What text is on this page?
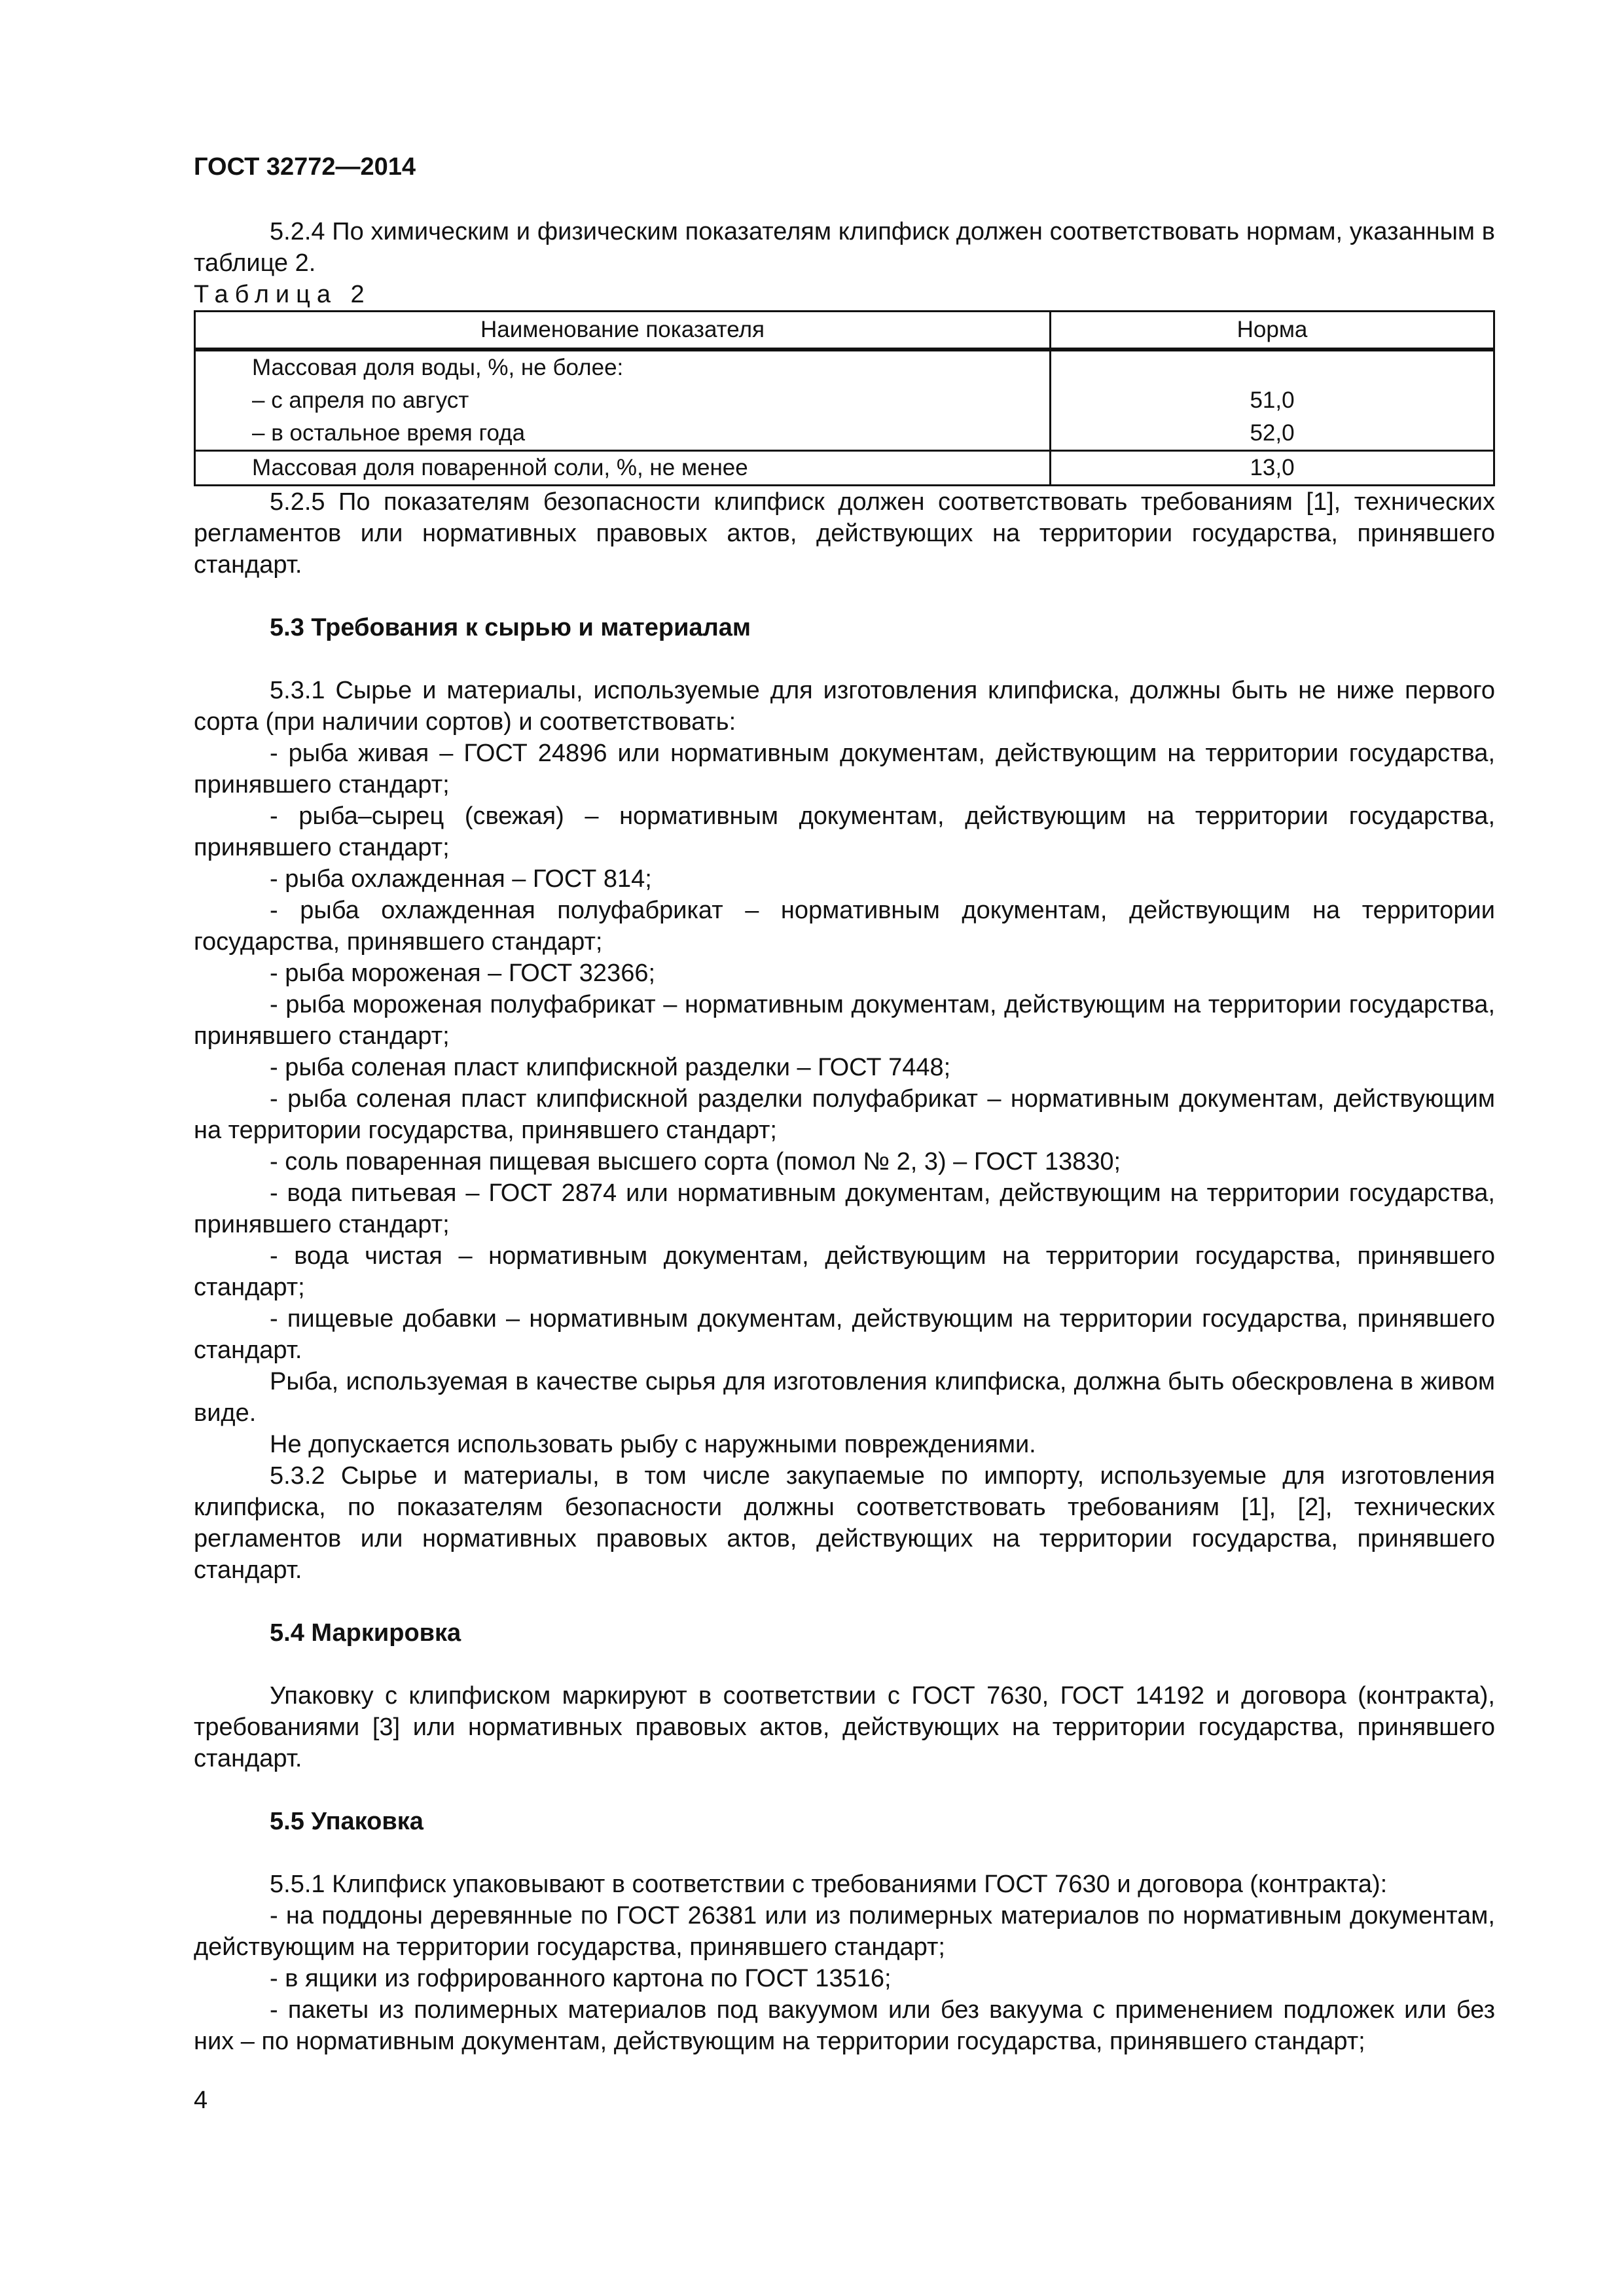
ГОСТ 32772—2014

5.2.4 По химическим и физическим показателям клипфиск должен соответствовать нормам, указанным в таблице 2.

Таблица 2
Наименование показателя	Норма

Массовая доля воды, %, не более:
– с апреля по август	51,0

– в остальное время года	52,0

Массовая доля поваренной соли, %, не менее	13,0

5.2.5 По показателям безопасности клипфиск должен соответствовать требованиям [1], технических регламентов или нормативных правовых актов, действующих на территории государства, принявшего стандарт.

5.3 Требования к сырью и материалам

5.3.1 Сырье и материалы, используемые для изготовления клипфиска, должны быть не ниже первого сорта (при наличии сортов) и соответствовать:

- рыба живая – ГОСТ 24896 или нормативным документам, действующим на территории государства, принявшего стандарт;

- рыба–сырец (свежая) – нормативным документам, действующим на территории государства, принявшего стандарт;

- рыба охлажденная – ГОСТ 814;

- рыба охлажденная полуфабрикат – нормативным документам, действующим на территории государства, принявшего стандарт;

- рыба мороженая – ГОСТ 32366;

- рыба мороженая полуфабрикат – нормативным документам, действующим на территории государства, принявшего стандарт;

- рыба соленая пласт клипфискной разделки – ГОСТ 7448;

- рыба соленая пласт клипфискной разделки полуфабрикат – нормативным документам, действующим на территории государства, принявшего стандарт;

- соль поваренная пищевая высшего сорта (помол № 2, 3) – ГОСТ 13830;

- вода питьевая – ГОСТ 2874 или нормативным документам, действующим на территории государства, принявшего стандарт;

- вода чистая – нормативным документам, действующим на территории государства, принявшего стандарт;

- пищевые добавки – нормативным документам, действующим на территории государства, принявшего стандарт.

Рыба, используемая в качестве сырья для изготовления клипфиска, должна быть обескровлена в живом виде.

Не допускается использовать рыбу с наружными повреждениями.

5.3.2 Сырье и материалы, в том числе закупаемые по импорту, используемые для изготовления клипфиска, по показателям безопасности должны соответствовать требованиям [1], [2], технических регламентов или нормативных правовых актов, действующих на территории государства, принявшего стандарт.

5.4 Маркировка

Упаковку с клипфиском маркируют в соответствии с ГОСТ 7630, ГОСТ 14192 и договора (контракта), требованиями [3] или нормативных правовых актов, действующих на территории государства, принявшего стандарт.

5.5 Упаковка

5.5.1 Клипфиск упаковывают в соответствии с требованиями ГОСТ 7630 и договора (контракта):

- на поддоны деревянные по ГОСТ 26381 или из полимерных материалов по нормативным документам, действующим на территории государства, принявшего стандарт;

- в ящики из гофрированного картона по ГОСТ 13516;

- пакеты из полимерных материалов под вакуумом или без вакуума с применением подложек или без них – по нормативным документам, действующим на территории государства, принявшего стандарт;

4
